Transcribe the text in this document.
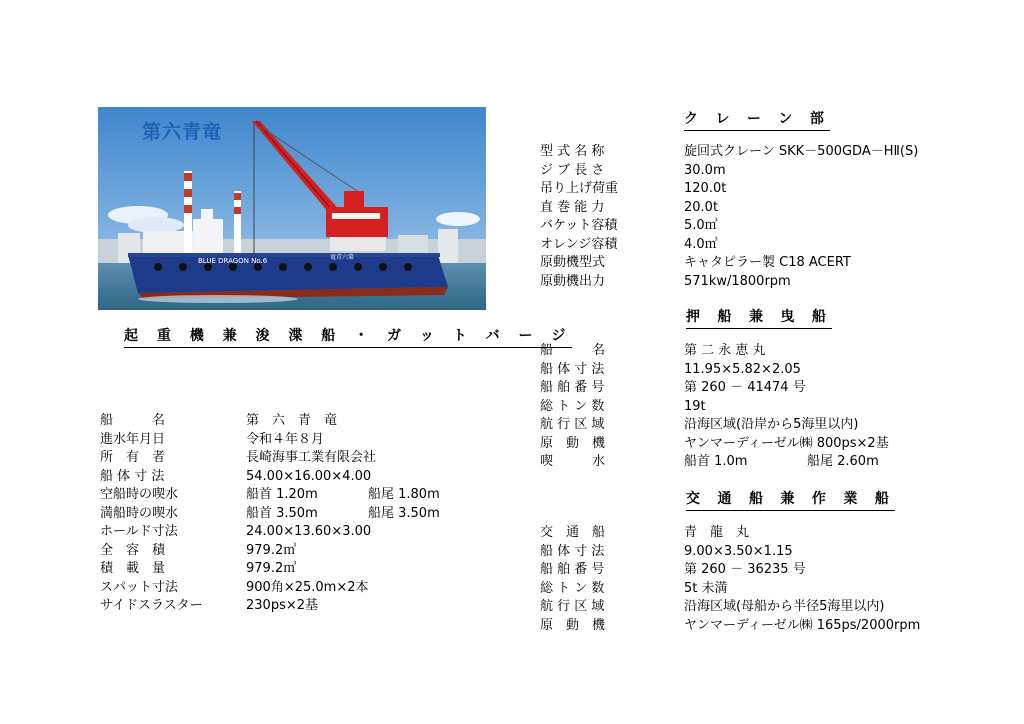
BLUE DRAGON No.6	竜青六第
第六青竜
起 重 機 兼 浚 渫 船 ・ ガ ッ ト バ ー ジ
船　　　名	第　六　青　竜
進水年月日	令和４年８月
所　有　者	長崎海事工業有限会社
船 体 寸 法	54.00×16.00×4.00
空船時の喫水	船首 1.20m	船尾 1.80m
満船時の喫水	船首 3.50m	船尾 3.50m
ホールド寸法	24.00×13.60×3.00
全　容　積	979.2㎥
積　載　量	979.2㎥
スパット寸法	900角×25.0m×2本
サイドスラスター	230ps×2基
ク レ ー ン 部
押 船 兼 曳 船
交 通 船 兼 作 業 船
型 式 名 称	旋回式クレーン SKK－500GDA－HⅡ(S)
ジ ブ 長 さ	30.0m
吊り上げ荷重	120.0t
直 巻 能 力	20.0t
バケット容積	5.0㎥
オレンジ容積	4.0㎥
原動機型式	キャタピラー製 C18 ACERT
原動機出力	571kw/1800rpm
船　　　名	第 二 永 恵 丸
船 体 寸 法	11.95×5.82×2.05
船 舶 番 号	第 260 － 41474 号
総 ト ン 数	19t
航 行 区 域	沿海区域(沿岸から5海里以内)
原　動　機	ヤンマーディーゼル㈱ 800ps×2基
喫　　　水	船首 1.0m	船尾 2.60m
交　通　船	青　龍　丸
船 体 寸 法	9.00×3.50×1.15
船 舶 番 号	第 260 － 36235 号
総 ト ン 数	5t 未満
航 行 区 域	沿海区域(母船から半径5海里以内)
原　動　機	ヤンマーディーゼル㈱ 165ps/2000rpm
